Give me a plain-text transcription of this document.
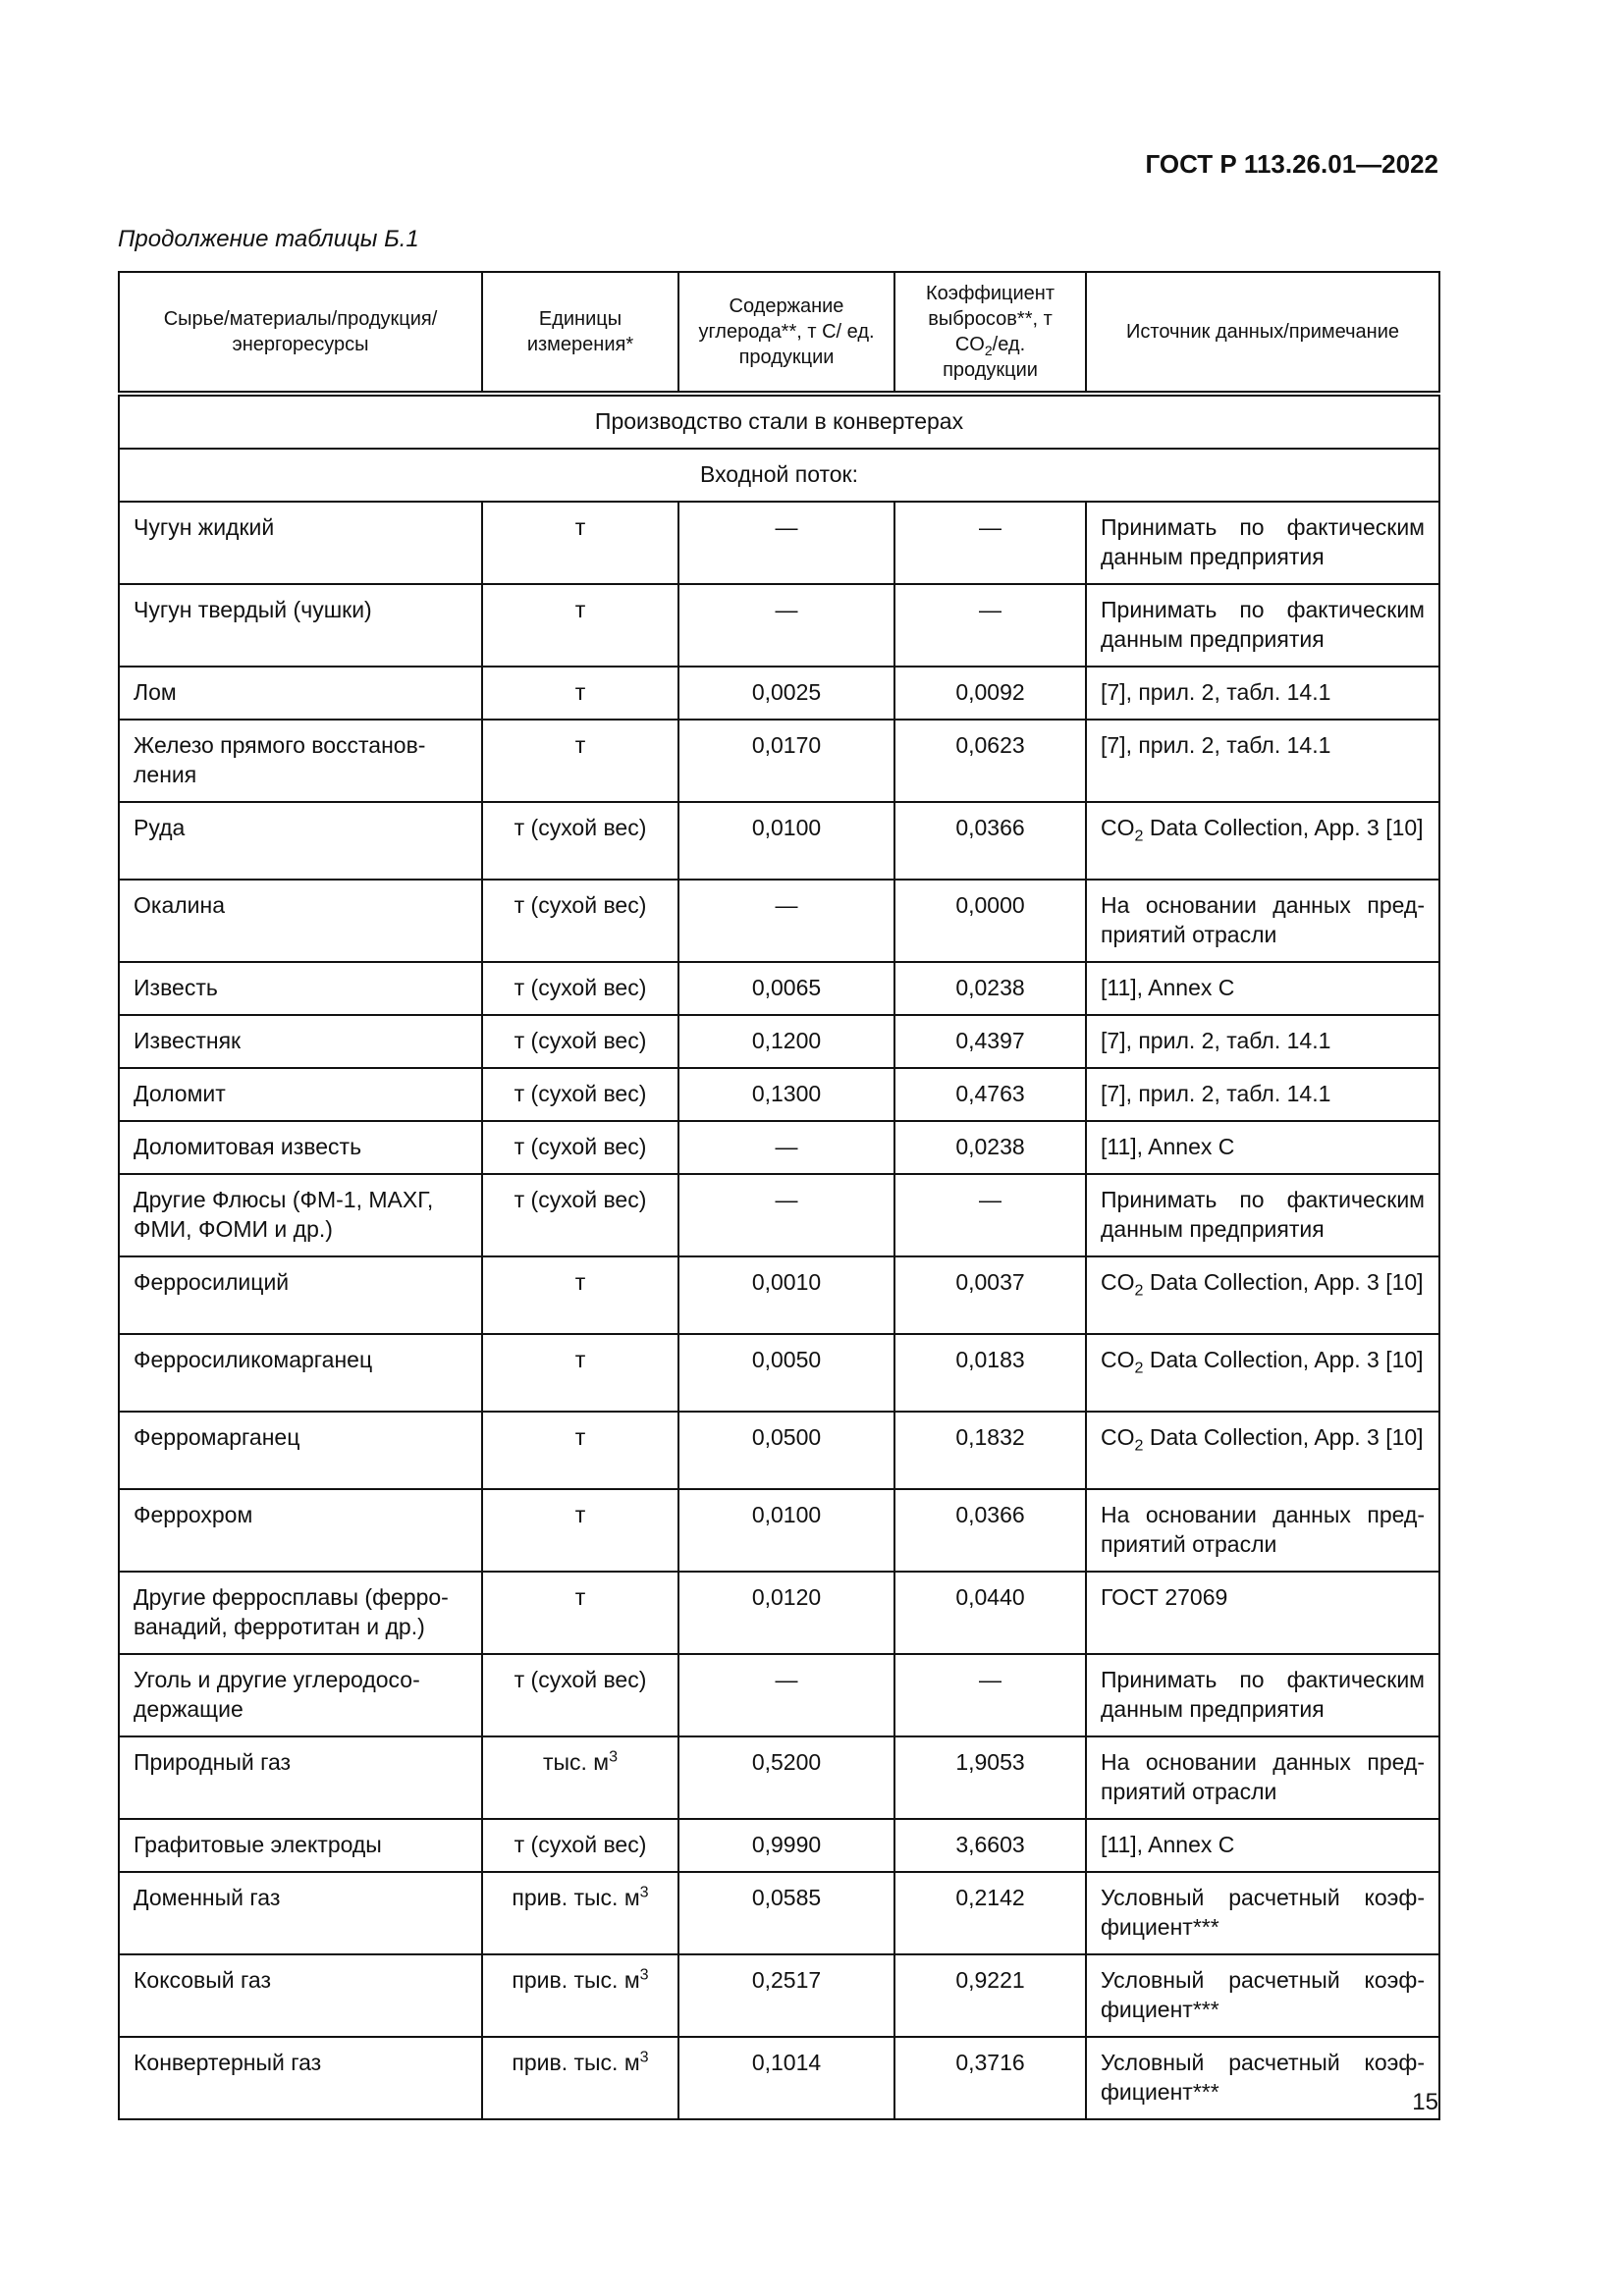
ГОСТ Р 113.26.01—2022
Продолжение таблицы Б.1
Сырье/материалы/продукция/ энергоресурсы	Единицы измерения*	Содержание углерода**, т С/ ед. продукции	Коэффициент выбросов**, т $CO_2/ед$. продукции	Источник данных/примечание
Производство стали в конвертерах				
Входной поток:				
Чугун жидкий	т	—	—	Принимать по фактическим данным предприятия
Чугун твердый (чушки)	т	—	—	Принимать по фактическим данным предприятия
Лом	т	0,0025	0,0092	[7], прил. 2, табл. 14.1
Железо прямого восстанов-ления	т	0,0170	0,0623	[7], прил. 2, табл. 14.1
Руда	т (сухой вес)	0,0100	0,0366	$CO_2$ Data Collection, App. 3 [10]
Окалина	т (сухой вес)	—	0,0000	На основании данных пред-приятий отрасли
Известь	т (сухой вес)	0,0065	0,0238	[11], Annex C
Известняк	т (сухой вес)	0,1200	0,4397	[7], прил. 2, табл. 14.1
Доломит	т (сухой вес)	0,1300	0,4763	[7], прил. 2, табл. 14.1
Доломитовая известь	т (сухой вес)	—	0,0238	[11], Annex C
Другие Флюсы (ФМ-1, МАХГ, ФМИ, ФОМИ и др.)	т (сухой вес)	—	—	Принимать по фактическим данным предприятия
Ферросилиций	т	0,0010	0,0037	$CO_2$ Data Collection, App. 3 [10]
Ферросиликомарганец	т	0,0050	0,0183	$CO_2$ Data Collection, App. 3 [10]
Ферромарганец	т	0,0500	0,1832	$CO_2$ Data Collection, App. 3 [10]
Феррохром	т	0,0100	0,0366	На основании данных пред-приятий отрасли
Другие ферросплавы (ферро-ванадий, ферротитан и др.)	т	0,0120	0,0440	ГОСТ 27069
Уголь и другие углеродосо-держащие	т (сухой вес)	—	—	Принимать по фактическим данным предприятия
Природный газ	тыс. $м^3$	0,5200	1,9053	На основании данных пред-приятий отрасли
Графитовые электроды	т (сухой вес)	0,9990	3,6603	[11], Annex C
Доменный газ	прив. тыс. $м^3$	0,0585	0,2142	Условный расчетный коэф-фициент***
Коксовый газ	прив. тыс. $м^3$	0,2517	0,9221	Условный расчетный коэф-фициент***
Конвертерный газ	прив. тыс. $м^3$	0,1014	0,3716	Условный расчетный коэф-фициент***	15
